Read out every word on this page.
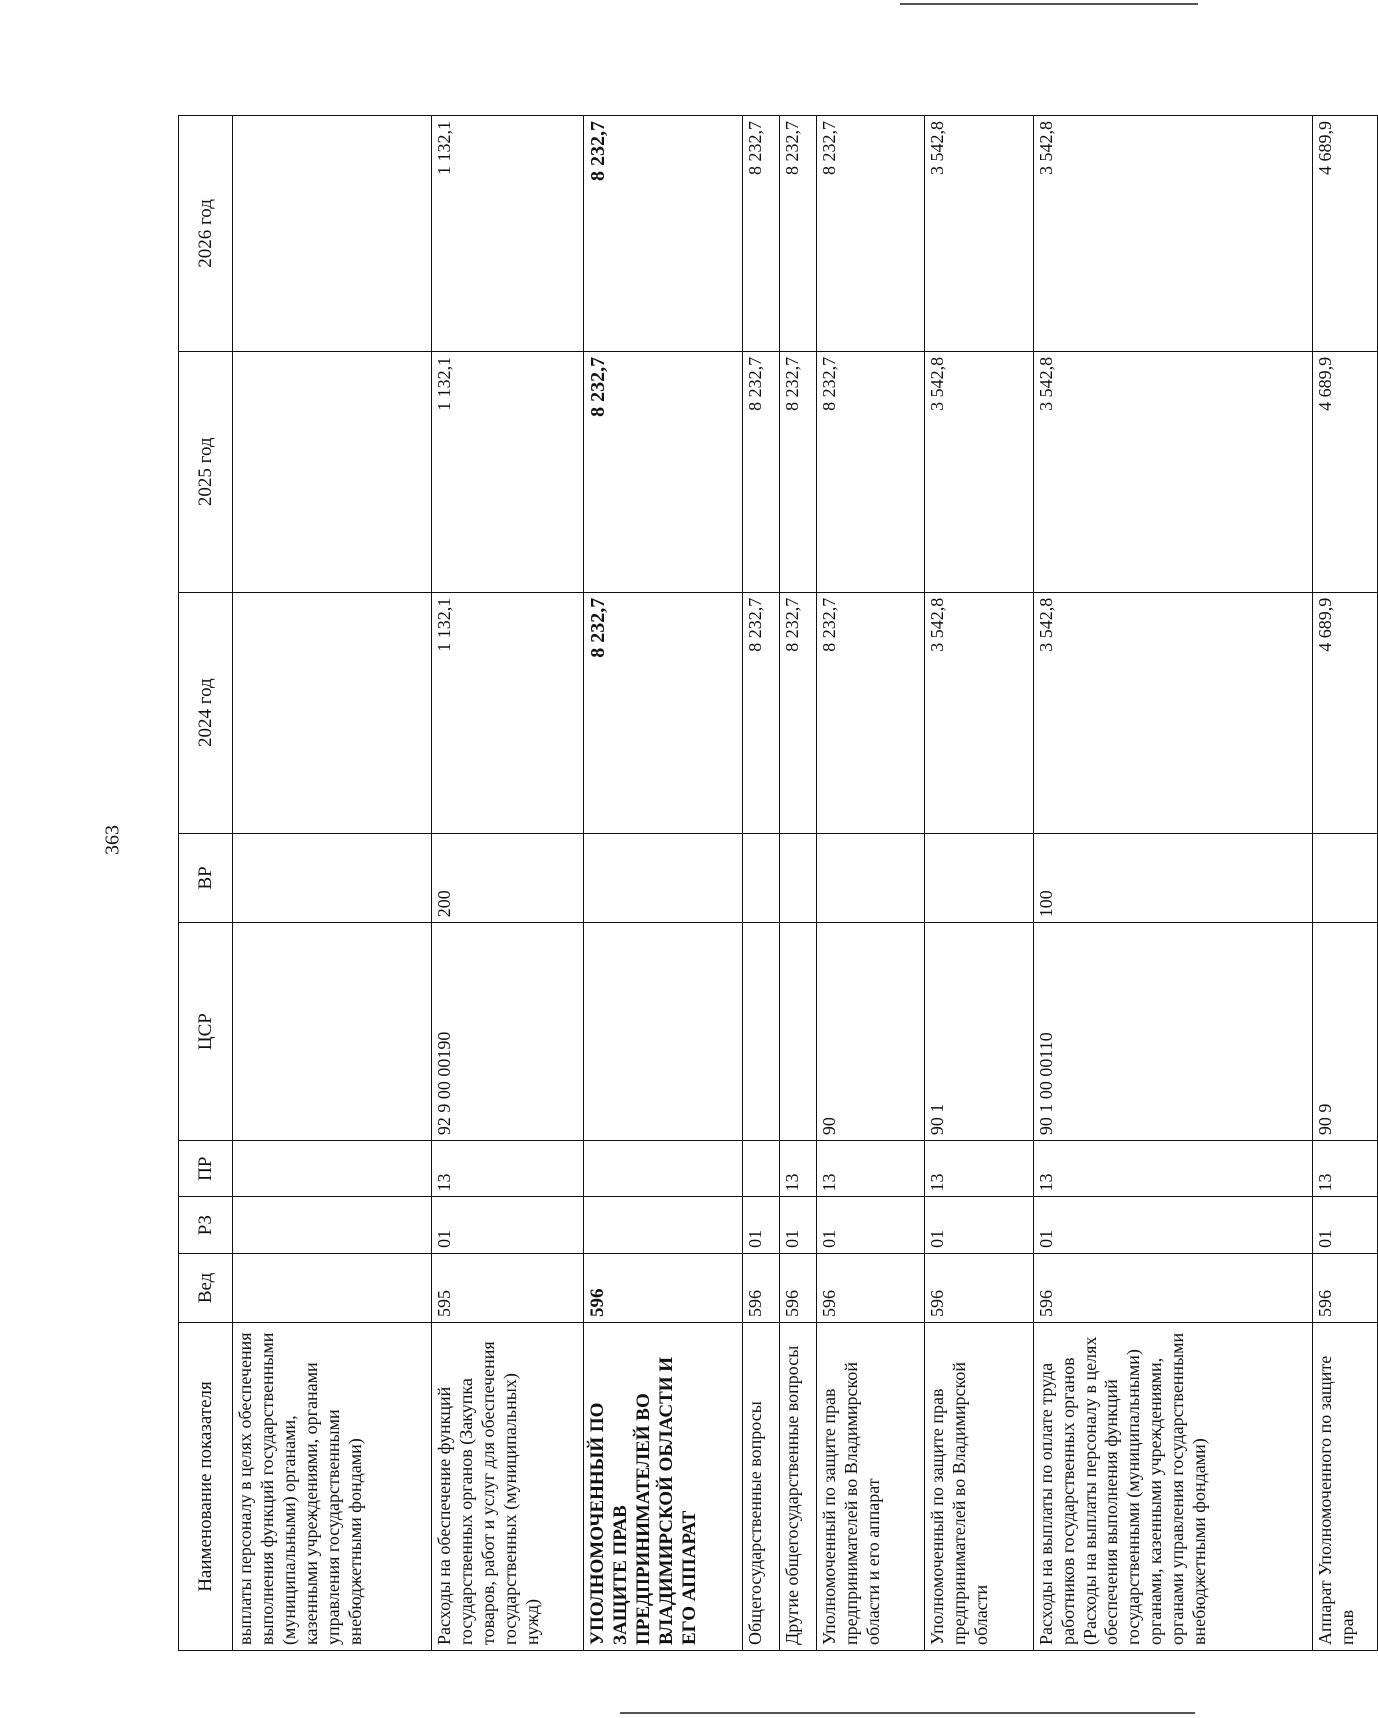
363
Наименование показателя	Вед	РЗ	ПР	ЦСР	ВР	2024 год	2025 год	2026 год
выплаты персоналу в целях обеспечения выполнения функций государственными (муниципальными) органами, казенными учреждениями, органами управления государственными внебюджетными фондами)								
Расходы на обеспечение функций государственных органов (Закупка товаров, работ и услуг для обеспечения государственных (муниципальных) нужд)	595	01	13	92 9 00 00190	200	1 132,1	1 132,1	1 132,1
УПОЛНОМОЧЕННЫЙ ПО ЗАЩИТЕ ПРАВ ПРЕДПРИНИМАТЕЛЕЙ ВО ВЛАДИМИРСКОЙ ОБЛАСТИ И ЕГО АППАРАТ	596					8 232,7	8 232,7	8 232,7
Общегосударственные вопросы	596	01				8 232,7	8 232,7	8 232,7
Другие общегосударственные вопросы	596	01	13			8 232,7	8 232,7	8 232,7
Уполномоченный по защите прав предпринимателей во Владимирской области и его аппарат	596	01	13	90		8 232,7	8 232,7	8 232,7
Уполномоченный по защите прав предпринимателей во Владимирской области	596	01	13	90 1		3 542,8	3 542,8	3 542,8
Расходы на выплаты по оплате труда работников государственных органов (Расходы на выплаты персоналу в целях обеспечения выполнения функций государственными (муниципальными) органами, казенными учреждениями, органами управления государственными внебюджетными фондами)	596	01	13	90 1 00 00110	100	3 542,8	3 542,8	3 542,8
Аппарат Уполномоченного по защите прав	596	01	13	90 9		4 689,9	4 689,9	4 689,9
